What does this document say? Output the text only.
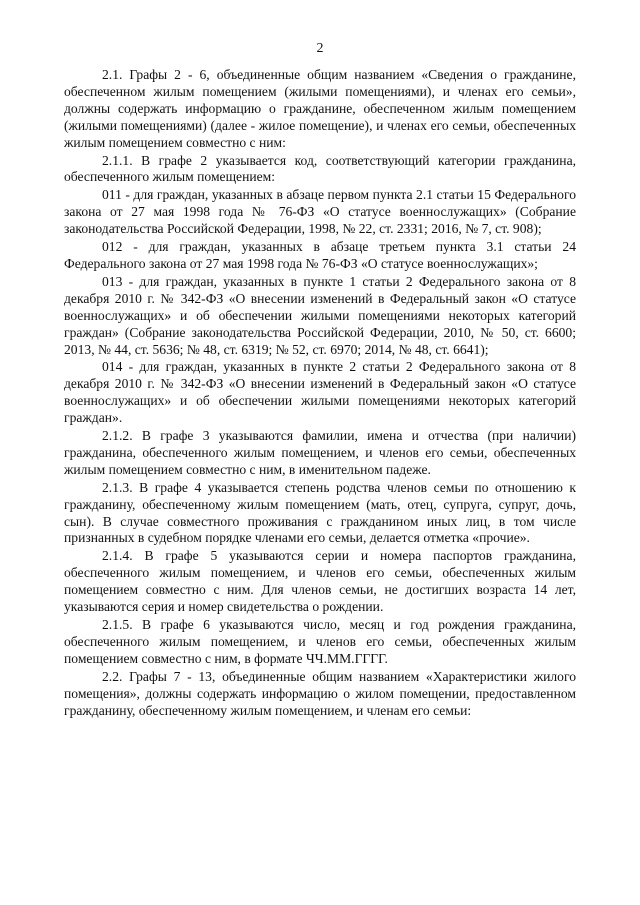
2

2.1. Графы 2 - 6, объединенные общим названием «Сведения о гражданине, обеспеченном жилым помещением (жилыми помещениями), и членах его семьи», должны содержать информацию о гражданине, обеспеченном жилым помещением (жилыми помещениями) (далее - жилое помещение), и членах его семьи, обеспеченных жилым помещением совместно с ним:

2.1.1. В графе 2 указывается код, соответствующий категории гражданина, обеспеченного жилым помещением:

011 - для граждан, указанных в абзаце первом пункта 2.1 статьи 15 Федерального закона от 27 мая 1998 года № 76-ФЗ «О статусе военнослужащих» (Собрание законодательства Российской Федерации, 1998, № 22, ст. 2331; 2016, № 7, ст. 908);

012 - для граждан, указанных в абзаце третьем пункта 3.1 статьи 24 Федерального закона от 27 мая 1998 года № 76-ФЗ «О статусе военнослужащих»;

013 - для граждан, указанных в пункте 1 статьи 2 Федерального закона от 8 декабря 2010 г. № 342-ФЗ «О внесении изменений в Федеральный закон «О статусе военнослужащих» и об обеспечении жилыми помещениями некоторых категорий граждан» (Собрание законодательства Российской Федерации, 2010, № 50, ст. 6600; 2013, № 44, ст. 5636; № 48, ст. 6319; № 52, ст. 6970; 2014, № 48, ст. 6641);

014 - для граждан, указанных в пункте 2 статьи 2 Федерального закона от 8 декабря 2010 г. № 342-ФЗ «О внесении изменений в Федеральный закон «О статусе военнослужащих» и об обеспечении жилыми помещениями некоторых категорий граждан».

2.1.2. В графе 3 указываются фамилии, имена и отчества (при наличии) гражданина, обеспеченного жилым помещением, и членов его семьи, обеспеченных жилым помещением совместно с ним, в именительном падеже.

2.1.3. В графе 4 указывается степень родства членов семьи по отношению к гражданину, обеспеченному жилым помещением (мать, отец, супруга, супруг, дочь, сын). В случае совместного проживания с гражданином иных лиц, в том числе признанных в судебном порядке членами его семьи, делается отметка «прочие».

2.1.4. В графе 5 указываются серии и номера паспортов гражданина, обеспеченного жилым помещением, и членов его семьи, обеспеченных жилым помещением совместно с ним. Для членов семьи, не достигших возраста 14 лет, указываются серия и номер свидетельства о рождении.

2.1.5. В графе 6 указываются число, месяц и год рождения гражданина, обеспеченного жилым помещением, и членов его семьи, обеспеченных жилым помещением совместно с ним, в формате ЧЧ.ММ.ГГГГ.

2.2. Графы 7 - 13, объединенные общим названием «Характеристики жилого помещения», должны содержать информацию о жилом помещении, предоставленном гражданину, обеспеченному жилым помещением, и членам его семьи:
